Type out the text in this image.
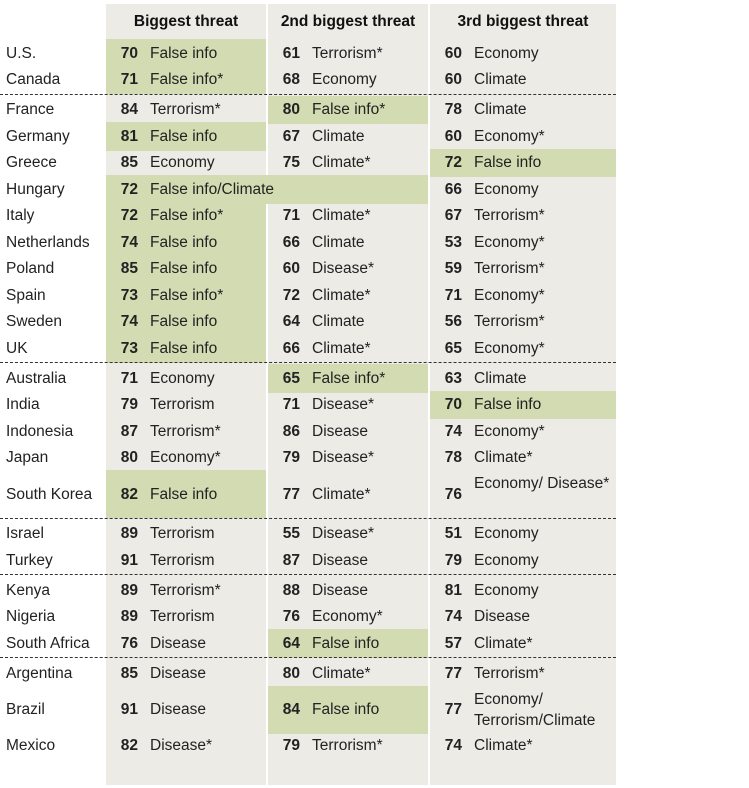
Biggest threat	2nd biggest threat	3rd biggest threat
U.S.	70 False info	61 Terrorism*	60 Economy
Canada	71 False info*	68 Economy	60 Climate
France	84 Terrorism*	80 False info*	78 Climate
Germany	81 False info	67 Climate	60 Economy*
Greece	85 Economy	75 Climate*	72 False info
Hungary	72 False info/Climate	66 Economy
Italy	72 False info*	71 Climate*	67 Terrorism*
Netherlands	74 False info	66 Climate	53 Economy*
Poland	85 False info	60 Disease*	59 Terrorism*
Spain	73 False info*	72 Climate*	71 Economy*
Sweden	74 False info	64 Climate	56 Terrorism*
UK	73 False info	66 Climate*	65 Economy*
Australia	71 Economy	65 False info*	63 Climate
India	79 Terrorism	71 Disease*	70 False info
Indonesia	87 Terrorism*	86 Disease	74 Economy*
Japan	80 Economy*	79 Disease*	78 Climate*
South Korea	82 False info	77 Climate*	76
Economy/ Disease*
Israel	89 Terrorism	55 Disease*	51 Economy
Turkey	91 Terrorism	87 Disease	79 Economy
Kenya	89 Terrorism*	88 Disease	81 Economy
Nigeria	89 Terrorism	76 Economy*	74 Disease
South Africa	76 Disease	64 False info	57 Climate*
Argentina	85 Disease	80 Climate*	77 Terrorism*
Brazil	91 Disease	84 False info	77
Economy/ Terrorism/Climate
Mexico	82 Disease*	79 Terrorism*	74 Climate*
